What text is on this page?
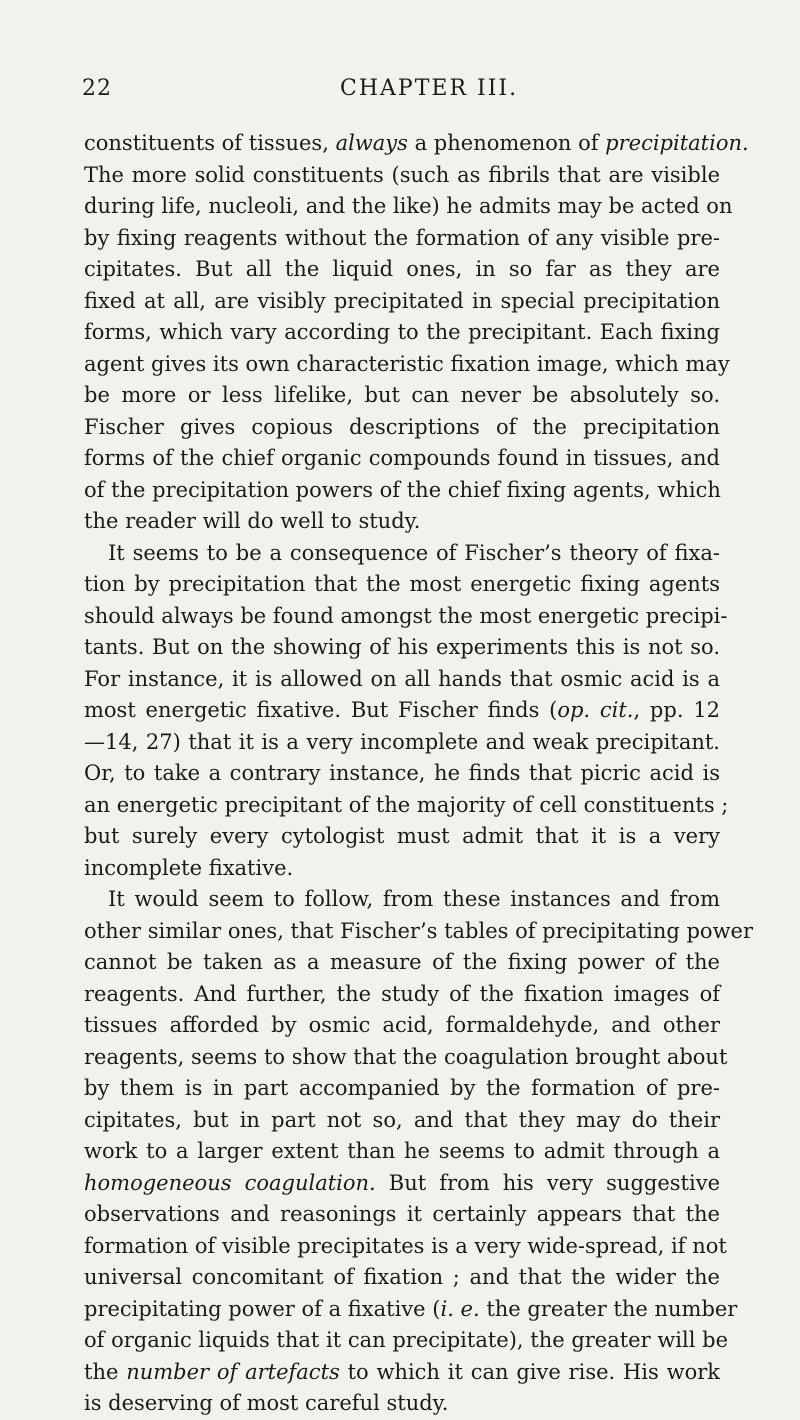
22	CHAPTER III.
constituents of tissues, always a phenomenon of precipitation.
The more solid constituents (such as fibrils that are visible
during life, nucleoli, and the like) he admits may be acted on
by fixing reagents without the formation of any visible pre-
cipitates. But all the liquid ones, in so far as they are
fixed at all, are visibly precipitated in special precipitation
forms, which vary according to the precipitant. Each fixing
agent gives its own characteristic fixation image, which may
be more or less lifelike, but can never be absolutely so.
Fischer gives copious descriptions of the precipitation
forms of the chief organic compounds found in tissues, and
of the precipitation powers of the chief fixing agents, which
the reader will do well to study.
It seems to be a consequence of Fischer’s theory of fixa-
tion by precipitation that the most energetic fixing agents
should always be found amongst the most energetic precipi-
tants. But on the showing of his experiments this is not so.
For instance, it is allowed on all hands that osmic acid is a
most energetic fixative. But Fischer finds (op. cit., pp. 12
—14, 27) that it is a very incomplete and weak precipitant.
Or, to take a contrary instance, he finds that picric acid is
an energetic precipitant of the majority of cell constituents ;
but surely every cytologist must admit that it is a very
incomplete fixative.
It would seem to follow, from these instances and from
other similar ones, that Fischer’s tables of precipitating power
cannot be taken as a measure of the fixing power of the
reagents. And further, the study of the fixation images of
tissues afforded by osmic acid, formaldehyde, and other
reagents, seems to show that the coagulation brought about
by them is in part accompanied by the formation of pre-
cipitates, but in part not so, and that they may do their
work to a larger extent than he seems to admit through a
homogeneous coagulation. But from his very suggestive
observations and reasonings it certainly appears that the
formation of visible precipitates is a very wide-spread, if not
universal concomitant of fixation ; and that the wider the
precipitating power of a fixative (i. e. the greater the number
of organic liquids that it can precipitate), the greater will be
the number of artefacts to which it can give rise. His work
is deserving of most careful study.
